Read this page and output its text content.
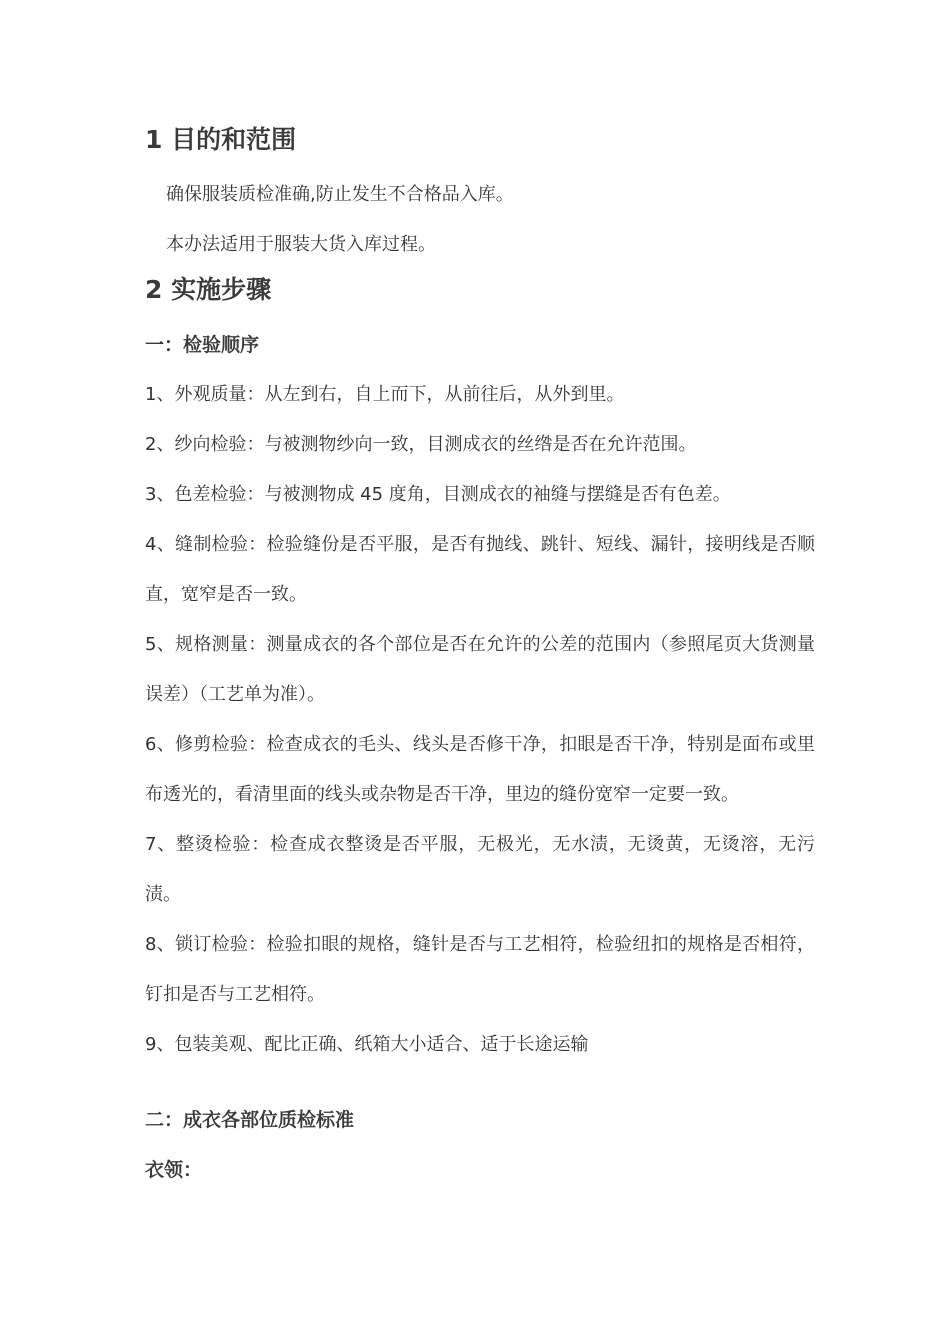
1 目的和范围

确保服装质检准确,防止发生不合格品入库。

本办法适用于服装大货入库过程。

2 实施步骤
一：检验顺序

1、外观质量：从左到右，自上而下，从前往后，从外到里。

2、纱向检验：与被测物纱向一致，目测成衣的丝绺是否在允许范围。

3、色差检验：与被测物成 45 度角，目测成衣的袖缝与摆缝是否有色差。

4、缝制检验：检验缝份是否平服，是否有抛线、跳针、短线、漏针，接明线是否顺直，宽窄是否一致。

5、规格测量：测量成衣的各个部位是否在允许的公差的范围内（参照尾页大货测量误差）（工艺单为准）。

6、修剪检验：检查成衣的毛头、线头是否修干净，扣眼是否干净，特别是面布或里布透光的，看清里面的线头或杂物是否干净，里边的缝份宽窄一定要一致。

7、整烫检验：检查成衣整烫是否平服，无极光，无水渍，无烫黄，无烫溶，无污渍。

8、锁订检验：检验扣眼的规格，缝针是否与工艺相符，检验纽扣的规格是否相符，钉扣是否与工艺相符。

9、包装美观、配比正确、纸箱大小适合、适于长途运输

二：成衣各部位质检标准
衣领：
